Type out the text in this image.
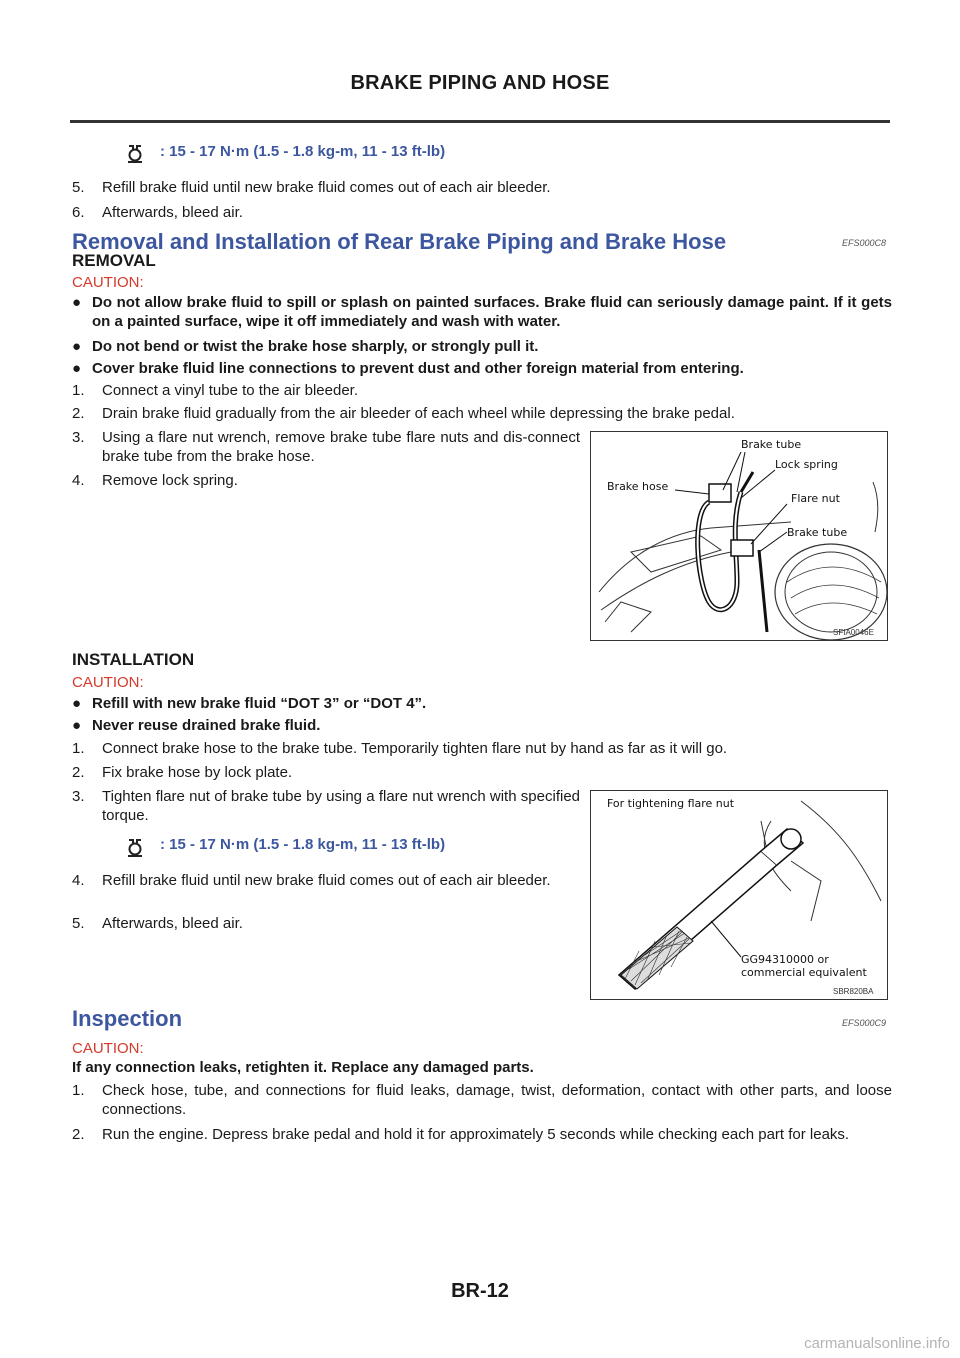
BRAKE PIPING AND HOSE
: 15 - 17 N·m (1.5 - 1.8 kg-m, 11 - 13 ft-lb)
5. Refill brake fluid until new brake fluid comes out of each air bleeder.
6. Afterwards, bleed air.
Removal and Installation of Rear Brake Piping and Brake Hose	EFS000C8
REMOVAL
CAUTION:
● Do not allow brake fluid to spill or splash on painted surfaces. Brake fluid can seriously damage paint. If it gets on a painted surface, wipe it off immediately and wash with water.
● Do not bend or twist the brake hose sharply, or strongly pull it.
● Cover brake fluid line connections to prevent dust and other foreign material from entering.
1. Connect a vinyl tube to the air bleeder.
2. Drain brake fluid gradually from the air bleeder of each wheel while depressing the brake pedal.
3. Using a flare nut wrench, remove brake tube flare nuts and dis-connect brake tube from the brake hose.
4. Remove lock spring.
Brake tube
Lock spring
Brake hose
Flare nut
Brake tube
SFIA0046E
INSTALLATION
CAUTION:
● Refill with new brake fluid “DOT 3” or “DOT 4”.
● Never reuse drained brake fluid.
1. Connect brake hose to the brake tube. Temporarily tighten flare nut by hand as far as it will go.
2. Fix brake hose by lock plate.
3. Tighten flare nut of brake tube by using a flare nut wrench with specified torque.
: 15 - 17 N·m (1.5 - 1.8 kg-m, 11 - 13 ft-lb)
4. Refill brake fluid until new brake fluid comes out of each air bleeder.
5. Afterwards, bleed air.
For tightening flare nut
GG94310000 or
commercial equivalent
SBR820BA
Inspection	EFS000C9
CAUTION:
If any connection leaks, retighten it. Replace any damaged parts.
1. Check hose, tube, and connections for fluid leaks, damage, twist, deformation, contact with other parts, and loose connections.
2. Run the engine. Depress brake pedal and hold it for approximately 5 seconds while checking each part for leaks.
BR-12
carmanualsonline.info
